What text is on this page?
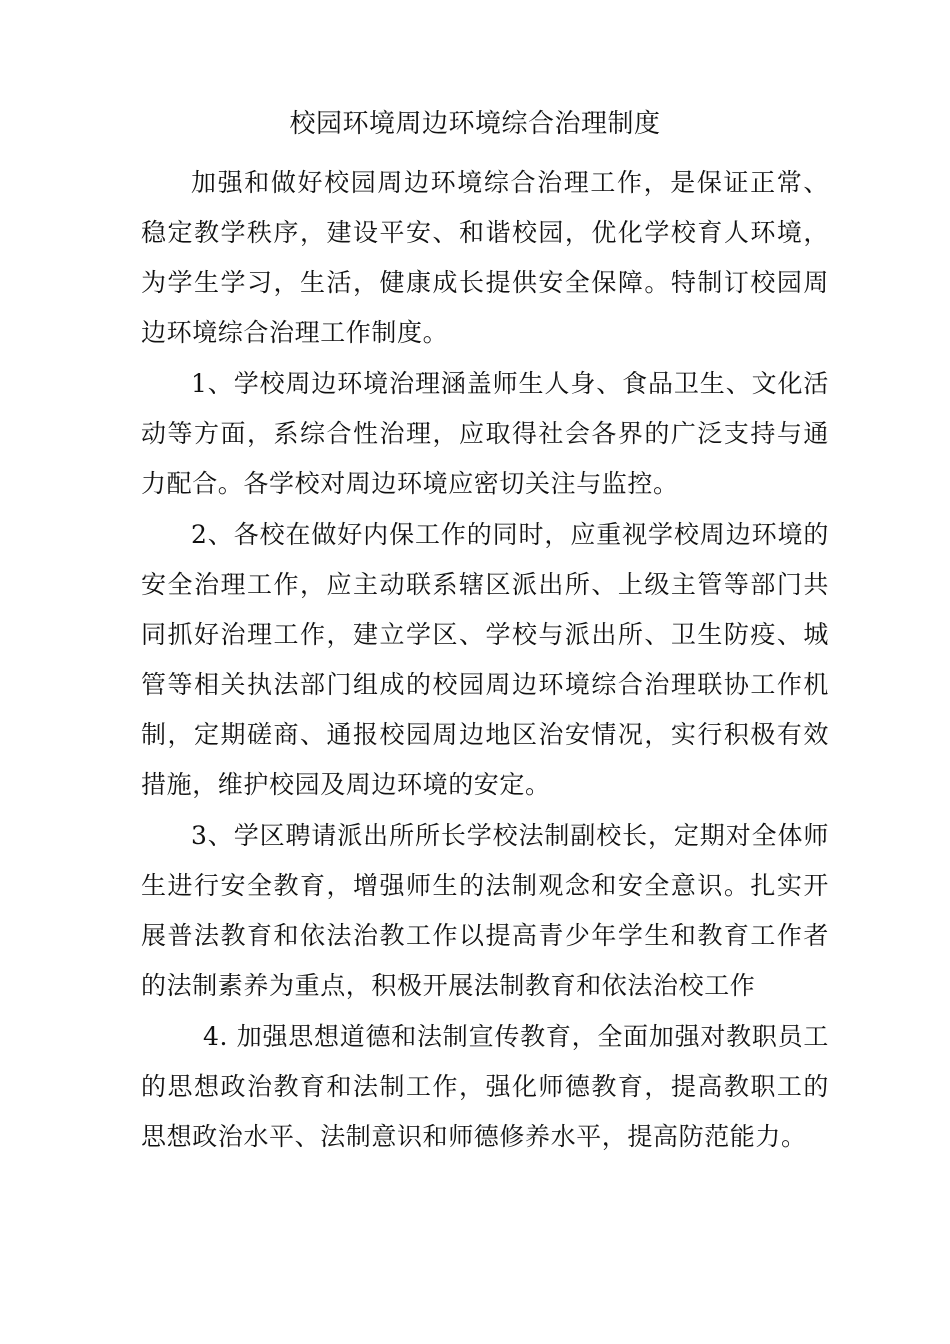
校园环境周边环境综合治理制度

加强和做好校园周边环境综合治理工作，是保证正常、稳定教学秩序，建设平安、和谐校园，优化学校育人环境，为学生学习，生活，健康成长提供安全保障。特制订校园周边环境综合治理工作制度。

1、学校周边环境治理涵盖师生人身、食品卫生、文化活动等方面，系综合性治理，应取得社会各界的广泛支持与通力配合。各学校对周边环境应密切关注与监控。

2、各校在做好内保工作的同时，应重视学校周边环境的安全治理工作，应主动联系辖区派出所、上级主管等部门共同抓好治理工作，建立学区、学校与派出所、卫生防疫、城管等相关执法部门组成的校园周边环境综合治理联协工作机制，定期磋商、通报校园周边地区治安情况，实行积极有效措施，维护校园及周边环境的安定。

3、学区聘请派出所所长学校法制副校长，定期对全体师生进行安全教育，增强师生的法制观念和安全意识。扎实开展普法教育和依法治教工作以提高青少年学生和教育工作者的法制素养为重点，积极开展法制教育和依法治校工作

4. 加强思想道德和法制宣传教育，全面加强对教职员工的思想政治教育和法制工作，强化师德教育，提高教职工的思想政治水平、法制意识和师德修养水平，提高防范能力。
